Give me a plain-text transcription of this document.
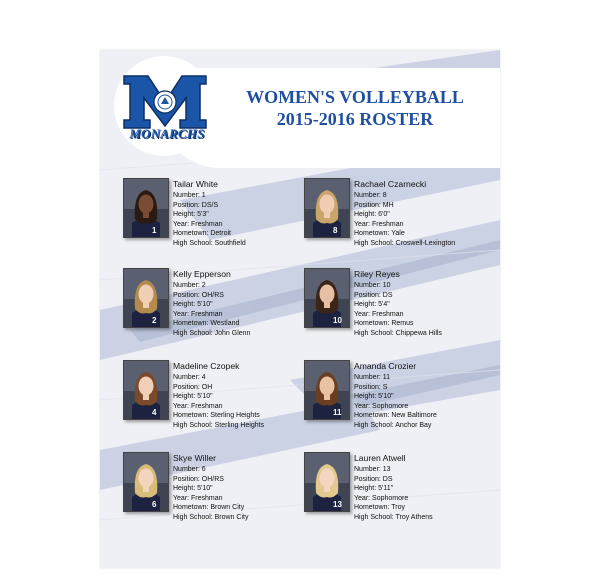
MONARCHS
WOMEN'S VOLLEYBALL
2015-2016 ROSTER
1
Tailar White
Number: 1
Position: DS/S
Height: 5'3"
Year: Freshman
Hometown: Detroit
High School: Southfield
8
Rachael Czarnecki
Number: 8
Position: MH
Height: 6'0"
Year: Freshman
Hometown: Yale
High School: Croswell-Lexington
2
Kelly Epperson
Number: 2
Position: OH/RS
Height: 5'10"
Year: Freshman
Hometown: Westland
High School: John Glenn
10
Riley Reyes
Number: 10
Position: DS
Height: 5'4"
Year: Freshman
Hometown: Remus
High School: Chippewa Hills
4
Madeline Czopek
Number: 4
Position: OH
Height: 5'10"
Year: Freshman
Hometown: Sterling Heights
High School: Sterling Heights
11
Amanda Crozier
Number: 11
Position: S
Height: 5'10"
Year: Sophomore
Hometown: New Baltimore
High School: Anchor Bay
6
Skye Willer
Number: 6
Position: OH/RS
Height: 5'10"
Year: Freshman
Hometown: Brown City
High School: Brown City
13
Lauren Atwell
Number: 13
Position: DS
Height: 5'11"
Year: Sophomore
Hometown: Troy
High School: Troy Athens
